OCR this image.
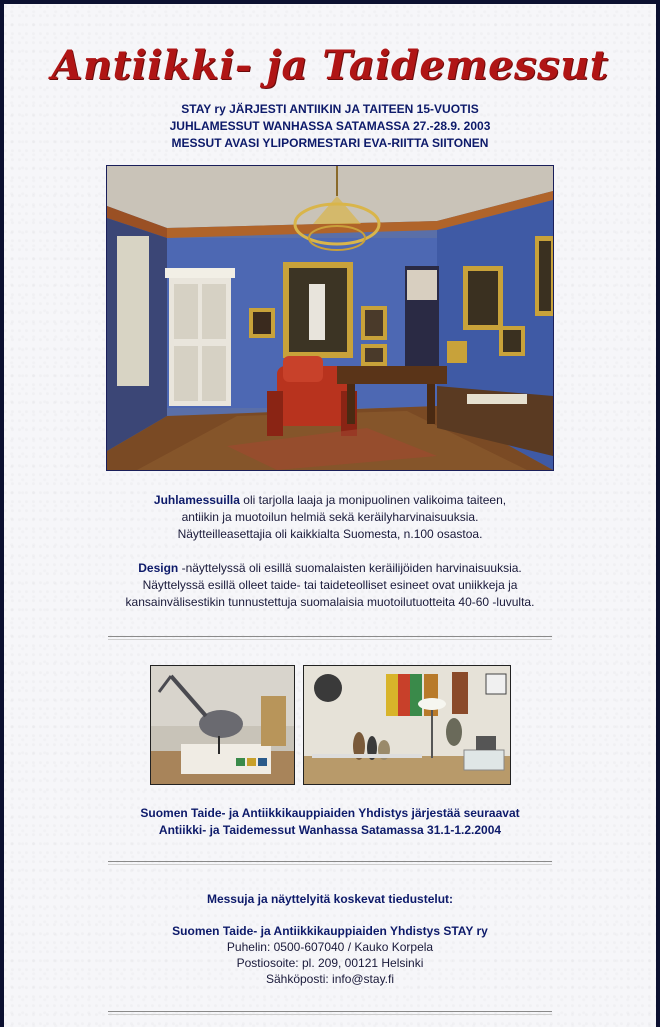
Antiikki- ja Taidemessut
STAY ry JÄRJESTI ANTIIKIN JA TAITEEN 15-VUOTIS
JUHLAMESSUT WANHASSA SATAMASSA 27.-28.9. 2003
MESSUT AVASI YLIPORMESTARI EVA-RIITTA SIITONEN

Juhlamessuilla oli tarjolla laaja ja monipuolinen valikoima taiteen,
antiikin ja muotoilun helmiä sekä keräilyharvinaisuuksia.
Näytteilleasettajia oli kaikkialta Suomesta, n.100 osastoa.

Design -näyttelyssä oli esillä suomalaisten keräilijöiden harvinaisuuksia.
Näyttelyssä esillä olleet taide- tai taideteolliset esineet ovat uniikkeja ja
kansainvälisestikin tunnustettuja suomalaisia muotoilutuotteita 40-60 -luvulta.

Suomen Taide- ja Antiikkikauppiaiden Yhdistys järjestää seuraavat
Antiikki- ja Taidemessut Wanhassa Satamassa 31.1-1.2.2004
Messuja ja näyttelyitä koskevat tiedustelut:
Suomen Taide- ja Antiikkikauppiaiden Yhdistys STAY ry
Puhelin: 0500-607040 / Kauko Korpela
Postiosoite: pl. 209, 00121 Helsinki
Sähköposti: info@stay.fi
